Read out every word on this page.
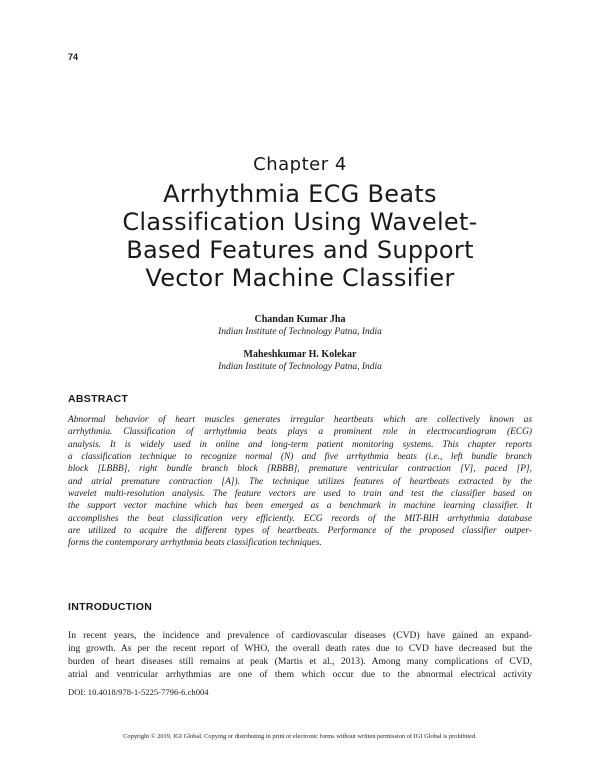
74
Chapter 4
Arrhythmia ECG Beats
Classification Using Wavelet-
Based Features and Support
Vector Machine Classifier
Chandan Kumar Jha
Indian Institute of Technology Patna, India
Maheshkumar H. Kolekar
Indian Institute of Technology Patna, India
ABSTRACT
Abnormal behavior of heart muscles generates irregular heartbeats which are collectively known as
arrhythmia. Classification of arrhythmia beats plays a prominent role in electrocardiogram (ECG)
analysis. It is widely used in online and long-term patient monitoring systems. This chapter reports
a classification technique to recognize normal (N) and five arrhythmia beats (i.e., left bundle branch
block [LBBB], right bundle branch block [RBBB], premature ventricular contraction [V], paced [P],
and atrial premature contraction [A]). The technique utilizes features of heartbeats extracted by the
wavelet multi-resolution analysis. The feature vectors are used to train and test the classifier based on
the support vector machine which has been emerged as a benchmark in machine learning classifier. It
accomplishes the beat classification very efficiently. ECG records of the MIT-BIH arrhythmia database
are utilized to acquire the different types of heartbeats. Performance of the proposed classifier outper-
forms the contemporary arrhythmia beats classification techniques.
INTRODUCTION
In recent years, the incidence and prevalence of cardiovascular diseases (CVD) have gained an expand-
ing growth. As per the recent report of WHO, the overall death rates due to CVD have decreased but the
burden of heart diseases still remains at peak (Martis et al., 2013). Among many complications of CVD,
atrial and ventricular arrhythmias are one of them which occur due to the abnormal electrical activity
DOI: 10.4018/978-1-5225-7796-6.ch004
Copyright © 2019, IGI Global. Copying or distributing in print or electronic forms without written permission of IGI Global is prohibited.
